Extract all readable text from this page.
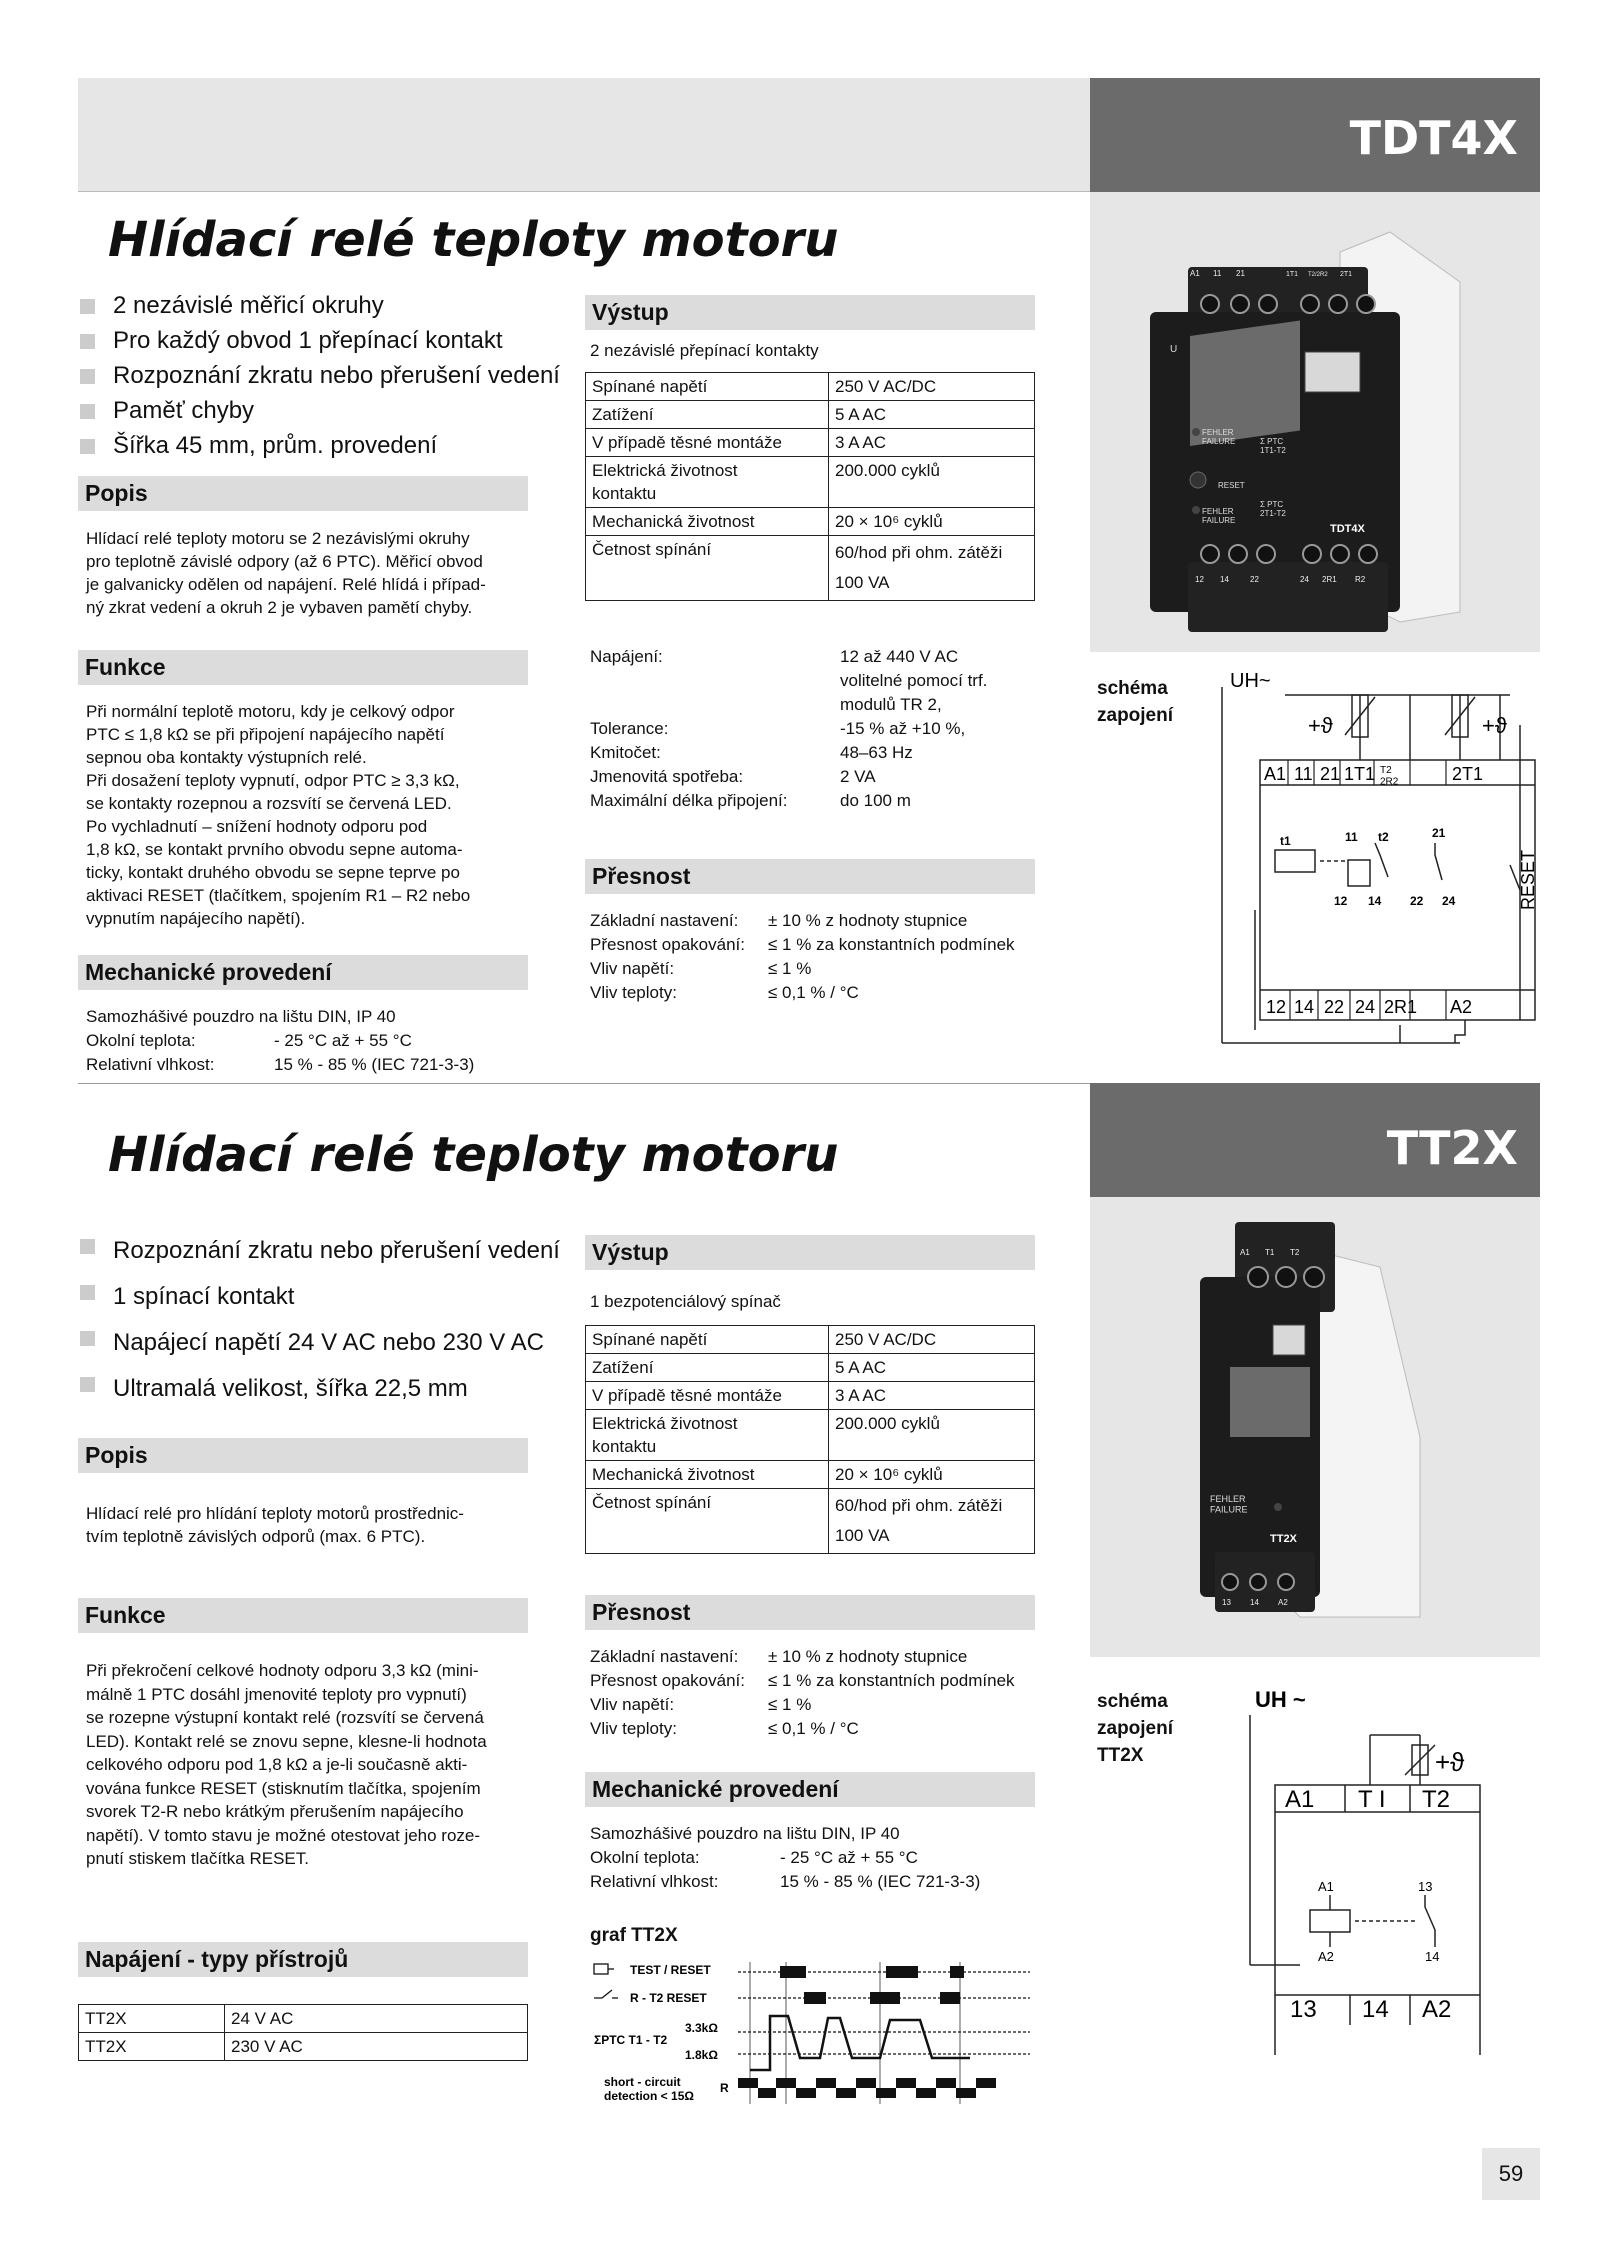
TDT4X
Hlídací relé teploty motoru
2 nezávislé měřicí okruhy
Pro každý obvod 1 přepínací kontakt
Rozpoznání zkratu nebo přerušení vedení
Paměť chyby
Šířka 45 mm, prům. provedení
Popis
Hlídací relé teploty motoru se 2 nezávislými okruhy
pro teplotně závislé odpory (až 6 PTC). Měřicí obvod
je galvanicky odělen od napájení. Relé hlídá i případ-
ný zkrat vedení a okruh 2 je vybaven pamětí chyby.
Funkce
Při normální teplotě motoru, kdy je celkový odpor
PTC ≤ 1,8 kΩ se při připojení napájecího napětí
sepnou oba kontakty výstupních relé.
Při dosažení teploty vypnutí, odpor PTC ≥ 3,3 kΩ,
se kontakty rozepnou a rozsvítí se červená LED.
Po vychladnutí – snížení hodnoty odporu pod
1,8 kΩ, se kontakt prvního obvodu sepne automa-
ticky, kontakt druhého obvodu se sepne teprve po
aktivaci RESET (tlačítkem, spojením R1 – R2 nebo
vypnutím napájecího napětí).
Mechanické provedení
Samozhášivé pouzdro na lištu DIN, IP 40
Okolní teplota:	- 25 °C až + 55 °C
Relativní vlhkost:	15 % - 85 % (IEC 721-3-3)
Výstup
2 nezávislé přepínací kontakty
Spínané napětí	250 V AC/DC
Zatížení	5 A AC
V případě těsné montáže	3 A AC
Elektrická životnost
kontaktu	200.000 cyklů
Mechanická životnost	20 × 10⁶ cyklů
Četnost spínání	60/hod při ohm. zátěži
100 VA
Napájení:	12 až 440 V AC
volitelné pomocí trf.
modulů TR 2,
Tolerance:	-15 % až +10 %,
Kmitočet:	48–63 Hz
Jmenovitá spotřeba:	2 VA
Maximální délka připojení:	do 100 m
Přesnost
Základní nastavení:	± 10 % z hodnoty stupnice
Přesnost opakování:	≤ 1 % za konstantních podmínek
Vliv napětí:	≤ 1 %
Vliv teploty:	≤ 0,1 % / °C
U
A1 11 21	1T1 T2/2R2 2T1
12 14	22	24 2R1 R2
FEHLER FAILURE	Σ PTC 1T1-T2
RESET
FEHLER FAILURE
Σ PTC 2T1-T2
TDT4X
schéma
zapojení
UH~
+ϑ	+ϑ
A1 11 21 1T1 T2 2R2	2T1
t1	11 t2	21
12 14 22 24	RESET
12 14 22 24 2R1 A2
TT2X
Hlídací relé teploty motoru
Rozpoznání zkratu nebo přerušení vedení
1 spínací kontakt
Napájecí napětí 24 V AC nebo 230 V AC
Ultramalá velikost, šířka 22,5 mm
Popis
Hlídací relé pro hlídání teploty motorů prostřednic-
tvím teplotně závislých odporů (max. 6 PTC).
Funkce
Při překročení celkové hodnoty odporu 3,3 kΩ (mini-
málně 1 PTC dosáhl jmenovité teploty pro vypnutí)
se rozepne výstupní kontakt relé (rozsvítí se červená
LED). Kontakt relé se znovu sepne, klesne-li hodnota
celkového odporu pod 1,8 kΩ a je-li současně akti-
vována funkce RESET (stisknutím tlačítka, spojením
svorek T2-R nebo krátkým přerušením napájecího
napětí). V tomto stavu je možné otestovat jeho roze-
pnutí stiskem tlačítka RESET.
Napájení - typy přístrojů
TT2X	24 V AC
TT2X	230 V AC
Výstup
1 bezpotenciálový spínač
Spínané napětí	250 V AC/DC
Zatížení	5 A AC
V případě těsné montáže	3 A AC
Elektrická životnost
kontaktu	200.000 cyklů
Mechanická životnost	20 × 10⁶ cyklů
Četnost spínání	60/hod při ohm. zátěži
100 VA
Přesnost
Základní nastavení:	± 10 % z hodnoty stupnice
Přesnost opakování:	≤ 1 % za konstantních podmínek
Vliv napětí:	≤ 1 %
Vliv teploty:	≤ 0,1 % / °C
Mechanické provedení
Samozhášivé pouzdro na lištu DIN, IP 40
Okolní teplota:	- 25 °C až + 55 °C
Relativní vlhkost:	15 % - 85 % (IEC 721-3-3)
graf TT2X
TEST / RESET
R - T2 RESET
3.3kΩ
ΣPTC T1 - T2
1.8kΩ
short - circuit detection < 15Ω
R
A1 T1 T2
13 14 A2
FEHLER FAILURE
TT2X
schéma
zapojení
TT2X
UH ~
+ϑ
A1 T I T2
A1	13
A2	14
13 14 A2
59
